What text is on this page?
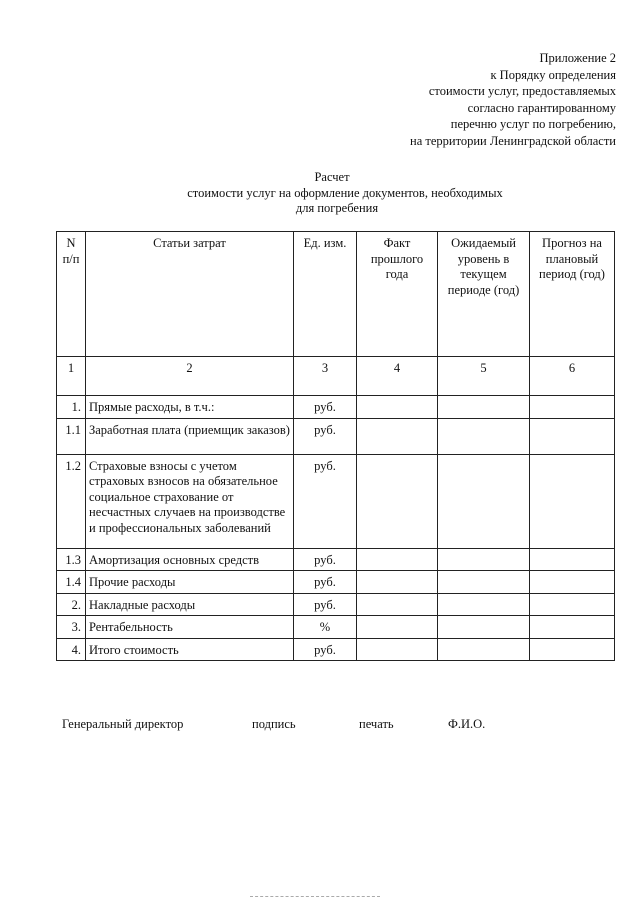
Приложение 2
к Порядку определения
стоимости услуг, предоставляемых
согласно гарантированному
перечню услуг по погребению,
на территории Ленинградской области
Расчет
стоимости услуг на оформление документов, необходимых
для погребения
N п/п	Статьи затрат	Ед. изм.	Факт прошлого года	Ожидаемый уровень в текущем периоде (год)	Прогноз на плановый период (год)
1	2	3	4	5	6
1.	Прямые расходы, в т.ч.:	руб.			
1.1	Заработная плата (приемщик заказов)	руб.			
1.2	Страховые взносы с учетом страховых взносов на обязательное социальное страхование от несчастных случаев на производстве и профессиональных заболеваний	руб.			
1.3	Амортизация основных средств	руб.			
1.4	Прочие расходы	руб.			
2.	Накладные расходы	руб.			
3.	Рентабельность	%			
4.	Итого стоимость	руб.			
Генеральный директор	подпись	печать	Ф.И.О.
